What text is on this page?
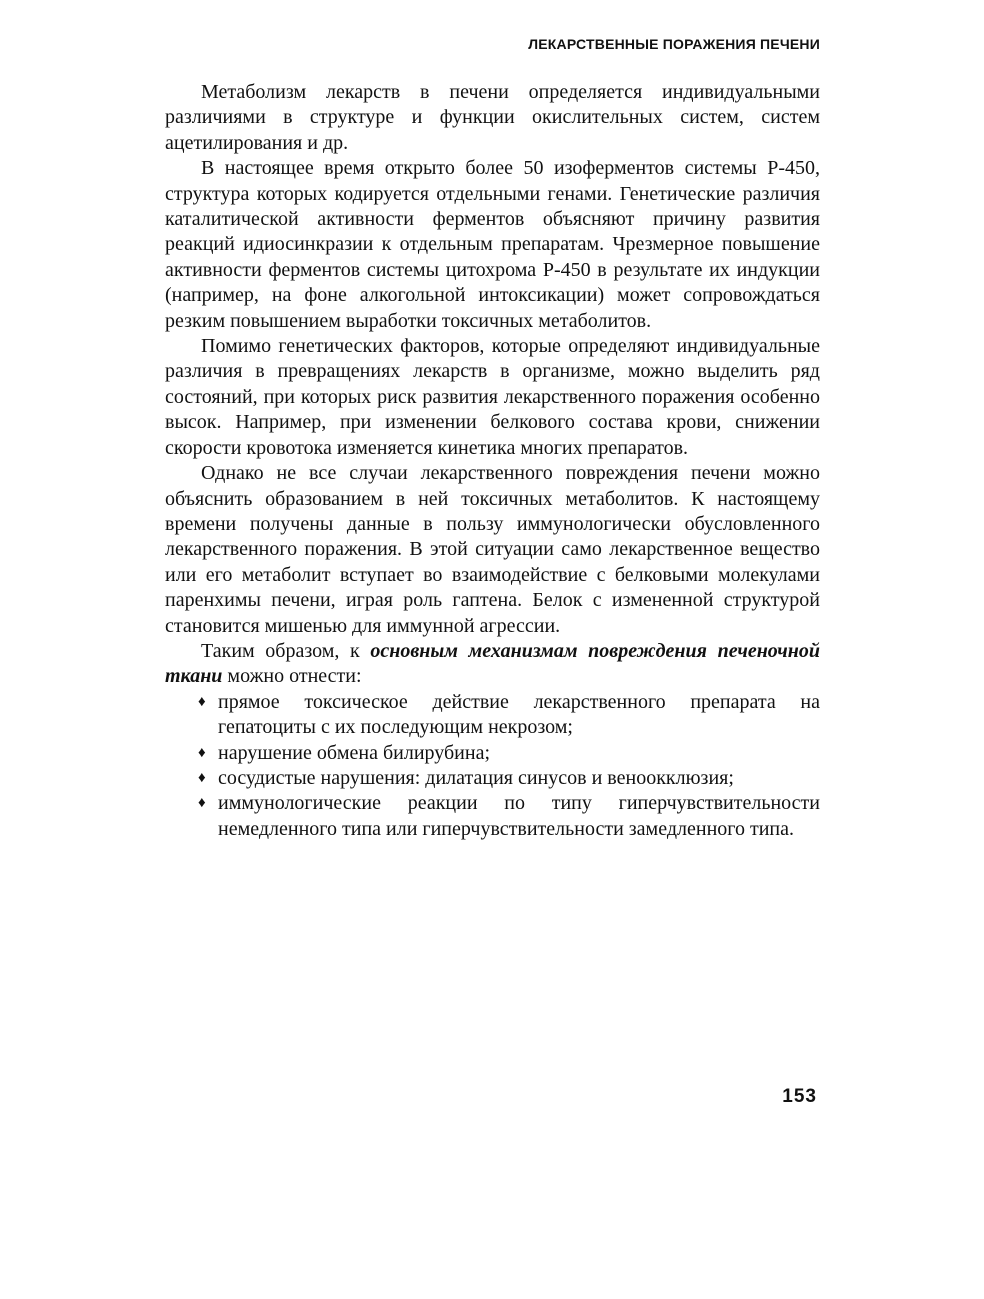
ЛЕКАРСТВЕННЫЕ ПОРАЖЕНИЯ ПЕЧЕНИ

Метаболизм лекарств в печени определяется индивидуальными различиями в структуре и функции окислительных систем, систем ацетилирования и др.

В настоящее время открыто более 50 изоферментов системы Р-450, структура которых кодируется отдельными генами. Генетические различия каталитической активности ферментов объясняют причину развития реакций идиосинкразии к отдельным препаратам. Чрезмерное повышение активности ферментов системы цитохрома Р-450 в результате их индукции (например, на фоне алкогольной интоксикации) может сопровождаться резким повышением выработки токсичных метаболитов.

Помимо генетических факторов, которые определяют индивидуальные различия в превращениях лекарств в организме, можно выделить ряд состояний, при которых риск развития лекарственного поражения особенно высок. Например, при изменении белкового состава крови, снижении скорости кровотока изменяется кинетика многих препаратов.

Однако не все случаи лекарственного повреждения печени можно объяснить образованием в ней токсичных метаболитов. К настоящему времени получены данные в пользу иммунологически обусловленного лекарственного поражения. В этой ситуации само лекарственное вещество или его метаболит вступает во взаимодействие с белковыми молекулами паренхимы печени, играя роль гаптена. Белок с измененной структурой становится мишенью для иммунной агрессии.

Таким образом, к основным механизмам повреждения печеночной ткани можно отнести:

♦ прямое токсическое действие лекарственного препарата на гепатоциты с их последующим некрозом;
♦ нарушение обмена билирубина;
♦ сосудистые нарушения: дилатация синусов и веноокклюзия;
♦ иммунологические реакции по типу гиперчувствительности немедленного типа или гиперчувствительности замедленного типа.
153
